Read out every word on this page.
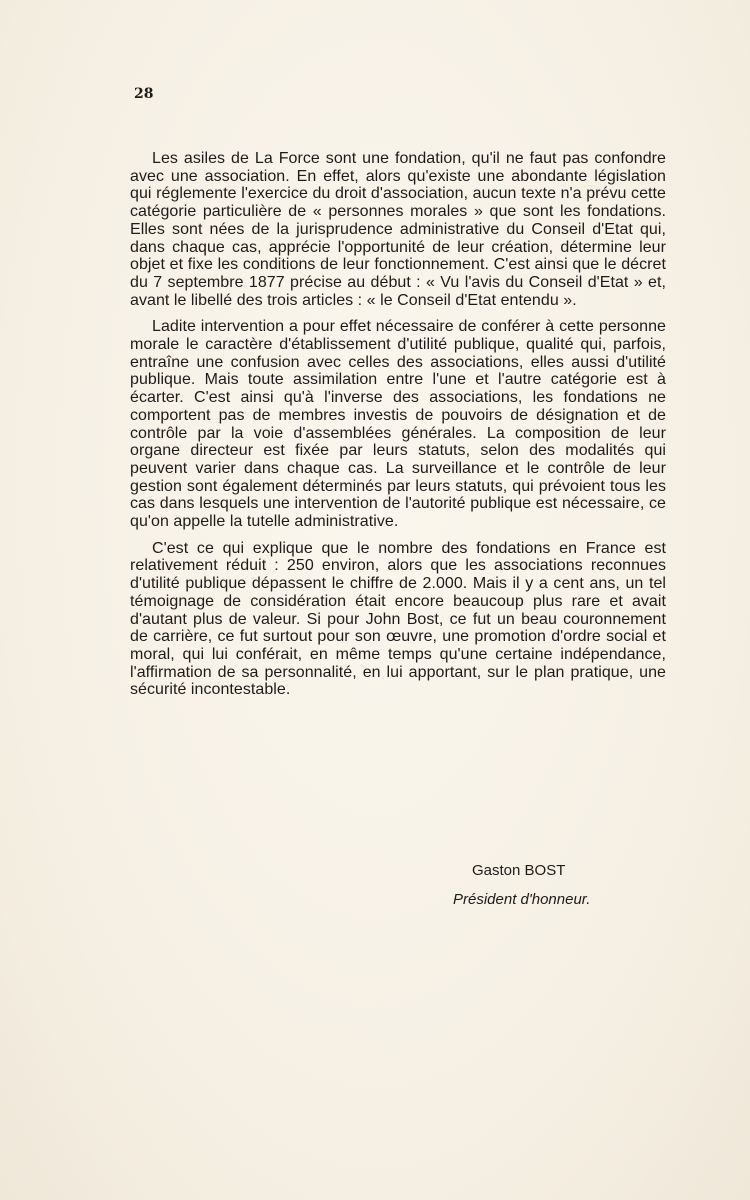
28

Les asiles de La Force sont une fondation, qu'il ne faut pas confondre avec une association. En effet, alors qu'existe une abondante législation qui réglemente l'exercice du droit d'association, aucun texte n'a prévu cette catégorie particulière de « personnes morales » que sont les fondations. Elles sont nées de la jurisprudence administrative du Conseil d'Etat qui, dans chaque cas, apprécie l'opportunité de leur création, détermine leur objet et fixe les conditions de leur fonctionnement. C'est ainsi que le décret du 7 septembre 1877 précise au début : « Vu l'avis du Conseil d'Etat » et, avant le libellé des trois articles : « le Conseil d'Etat entendu ».

Ladite intervention a pour effet nécessaire de conférer à cette personne morale le caractère d'établissement d'utilité publique, qualité qui, parfois, entraîne une confusion avec celles des associations, elles aussi d'utilité publique. Mais toute assimilation entre l'une et l'autre catégorie est à écarter. C'est ainsi qu'à l'inverse des associations, les fondations ne comportent pas de membres investis de pouvoirs de désignation et de contrôle par la voie d'assemblées générales. La composition de leur organe directeur est fixée par leurs statuts, selon des modalités qui peuvent varier dans chaque cas. La surveillance et le contrôle de leur gestion sont également déterminés par leurs statuts, qui prévoient tous les cas dans lesquels une intervention de l'autorité publique est nécessaire, ce qu'on appelle la tutelle administrative.

C'est ce qui explique que le nombre des fondations en France est relativement réduit : 250 environ, alors que les associations reconnues d'utilité publique dépassent le chiffre de 2.000. Mais il y a cent ans, un tel témoignage de considération était encore beaucoup plus rare et avait d'autant plus de valeur. Si pour John Bost, ce fut un beau couronnement de carrière, ce fut surtout pour son œuvre, une promotion d'ordre social et moral, qui lui conférait, en même temps qu'une certaine indépendance, l'affirmation de sa personnalité, en lui apportant, sur le plan pratique, une sécurité incontestable.

Gaston BOST

Président d'honneur.
